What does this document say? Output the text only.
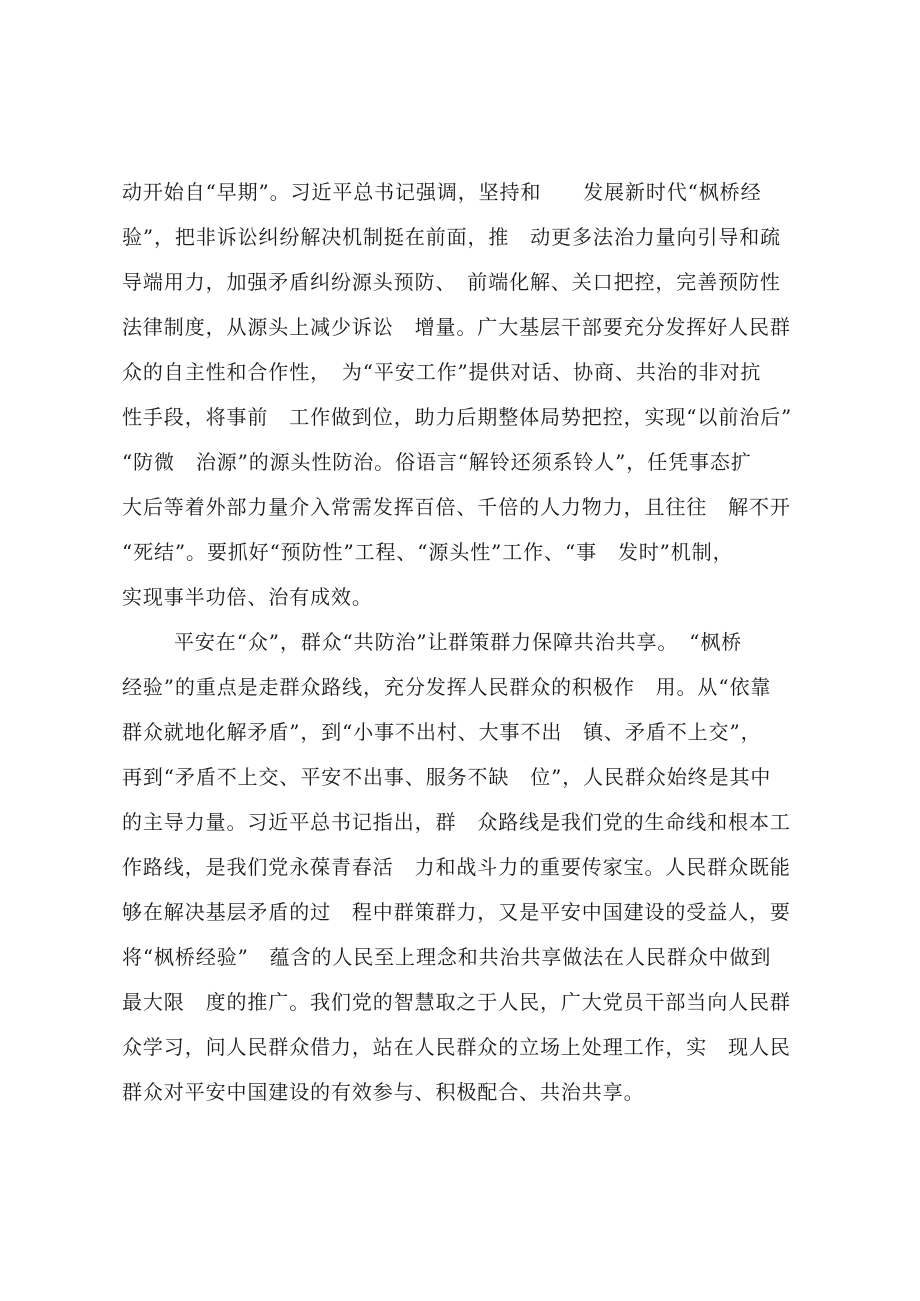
动开始自“早期”。习近平总书记强调，坚持和　　发展新时代“枫桥经
验”，把非诉讼纠纷解决机制挺在前面，推　动更多法治力量向引导和疏
导端用力，加强矛盾纠纷源头预防、　前端化解、关口把控，完善预防性
法律制度，从源头上减少诉讼　增量。广大基层干部要充分发挥好人民群
众的自主性和合作性，　为“平安工作”提供对话、协商、共治的非对抗
性手段，将事前　工作做到位，助力后期整体局势把控，实现“以前治后”
“防微　治源”的源头性防治。俗语言“解铃还须系铃人”，任凭事态扩
大后等着外部力量介入常需发挥百倍、千倍的人力物力，且往往　解不开
“死结”。要抓好“预防性”工程、“源头性”工作、“事　发时”机制，
实现事半功倍、治有成效。
平安在“众”，群众“共防治”让群策群力保障共治共享。　“枫桥
经验”的重点是走群众路线，充分发挥人民群众的积极作　用。从“依靠
群众就地化解矛盾”，到“小事不出村、大事不出　镇、矛盾不上交”，
再到“矛盾不上交、平安不出事、服务不缺　位”，人民群众始终是其中
的主导力量。习近平总书记指出，群　众路线是我们党的生命线和根本工
作路线，是我们党永葆青春活　力和战斗力的重要传家宝。人民群众既能
够在解决基层矛盾的过　程中群策群力，又是平安中国建设的受益人，要
将“枫桥经验”　蕴含的人民至上理念和共治共享做法在人民群众中做到
最大限　度的推广。我们党的智慧取之于人民，广大党员干部当向人民群
众学习，问人民群众借力，站在人民群众的立场上处理工作，实　现人民
群众对平安中国建设的有效参与、积极配合、共治共享。
